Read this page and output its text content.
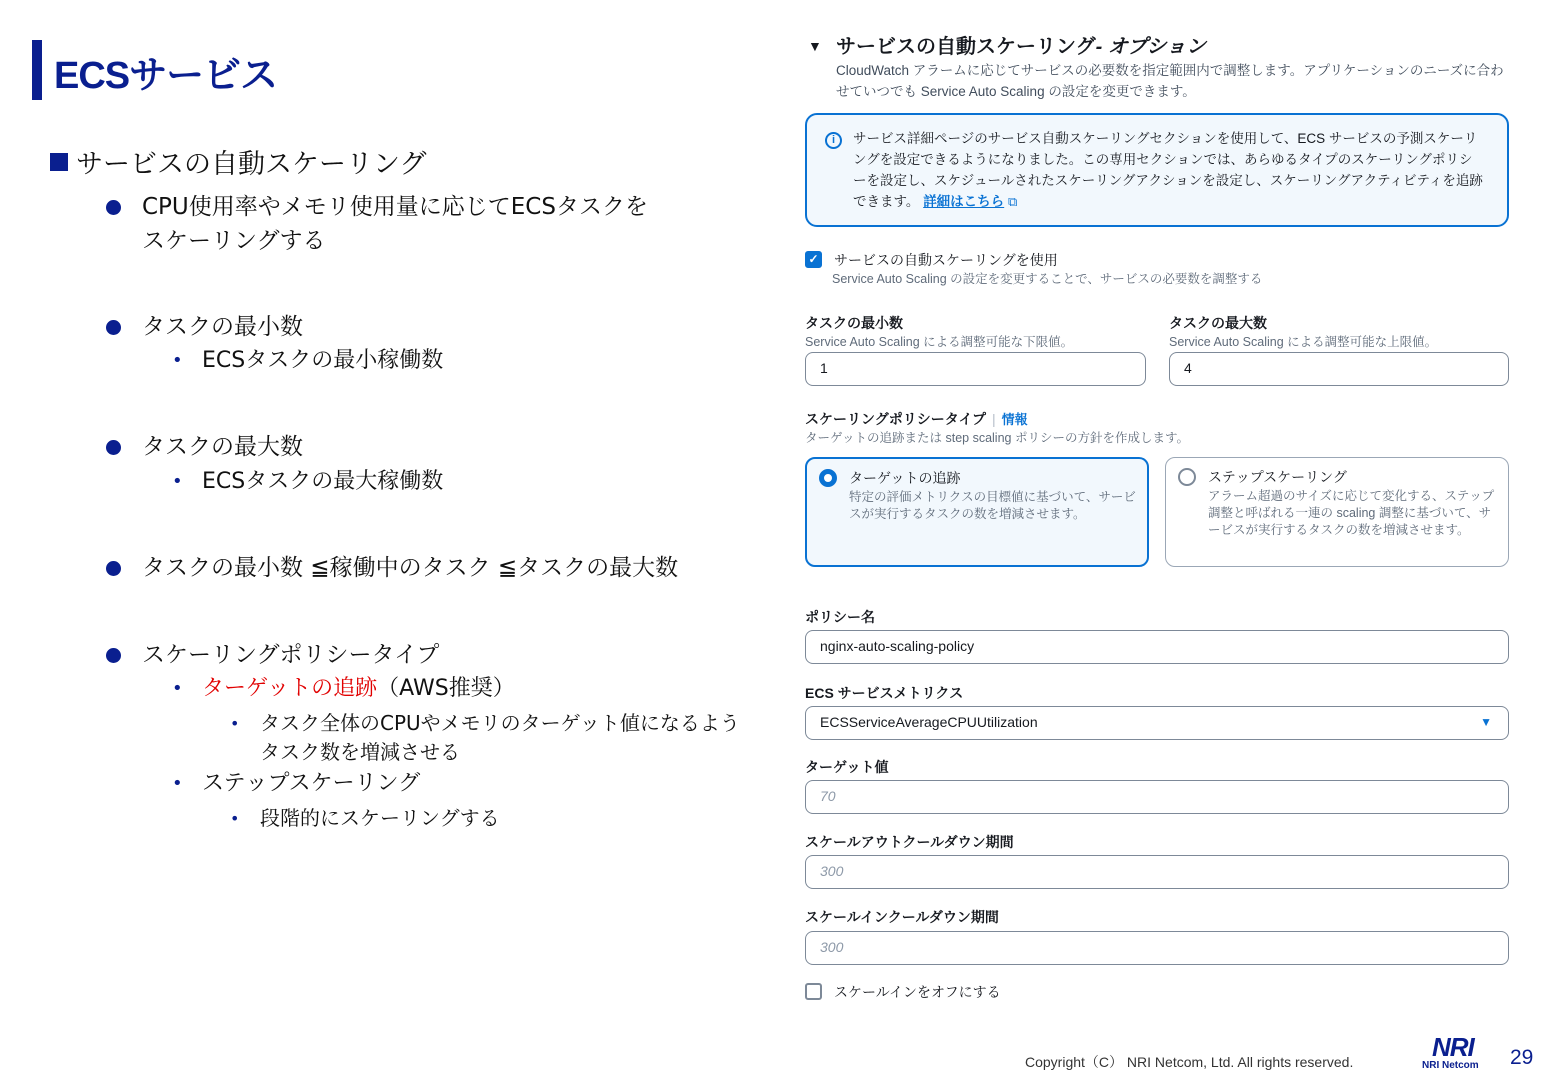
ECSサービス
サービスの自動スケーリング
CPU使用率やメモリ使用量に応じてECSタスクを
スケーリングする
タスクの最小数
• ECSタスクの最小稼働数
タスクの最大数
• ECSタスクの最大稼働数
タスクの最小数 ≦稼働中のタスク ≦タスクの最大数
スケーリングポリシータイプ
• ターゲットの追跡（AWS推奨）
• タスク全体のCPUやメモリのターゲット値になるよう
タスク数を増減させる
• ステップスケーリング
• 段階的にスケーリングする
▼ サービスの自動スケーリング- オプション
CloudWatch アラームに応じてサービスの必要数を指定範囲内で調整します。アプリケーションのニーズに合わせていつでも Service Auto Scaling の設定を変更できます。
i	サービス詳細ページのサービス自動スケーリングセクションを使用して、ECS サービスの予測スケーリングを設定できるようになりました。この専用セクションでは、あらゆるタイプのスケーリングポリシーを設定し、スケジュールされたスケーリングアクションを設定し、スケーリングアクティビティを追跡できます。 詳細はこちら ⧉
✓ サービスの自動スケーリングを使用
Service Auto Scaling の設定を変更することで、サービスの必要数を調整する
タスクの最小数
Service Auto Scaling による調整可能な下限値。
1
タスクの最大数
Service Auto Scaling による調整可能な上限値。
4
スケーリングポリシータイプ | 情報
ターゲットの追跡または step scaling ポリシーの方針を作成します。
ターゲットの追跡
特定の評価メトリクスの目標値に基づいて、サービスが実行するタスクの数を増減させます。
ステップスケーリング
アラーム超過のサイズに応じて変化する、ステップ調整と呼ばれる一連の scaling 調整に基づいて、サービスが実行するタスクの数を増減させます。
ポリシー名
nginx-auto-scaling-policy
ECS サービスメトリクス
ECSServiceAverageCPUUtilization	▼
ターゲット値
70
スケールアウトクールダウン期間
300
スケールインクールダウン期間
300
スケールインをオフにする
Copyright（C） NRI Netcom, Ltd. All rights reserved.	NRI
NRI Netcom 29
